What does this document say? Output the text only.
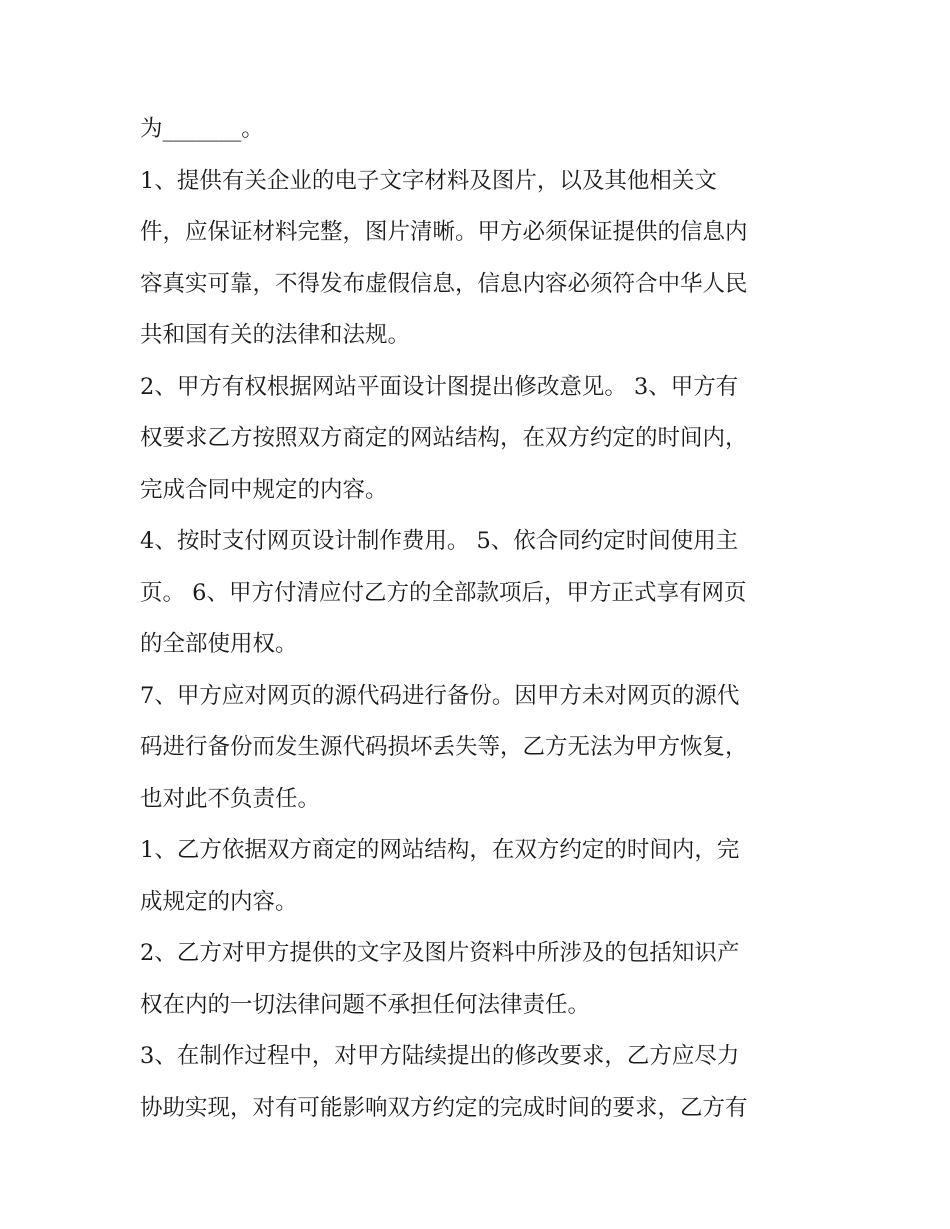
为_______。
1、提供有关企业的电子文字材料及图片，以及其他相关文
件，应保证材料完整，图片清晰。甲方必须保证提供的信息内
容真实可靠，不得发布虚假信息，信息内容必须符合中华人民
共和国有关的法律和法规。
2、甲方有权根据网站平面设计图提出修改意见。 3、甲方有
权要求乙方按照双方商定的网站结构，在双方约定的时间内，
完成合同中规定的内容。
4、按时支付网页设计制作费用。 5、依合同约定时间使用主
页。 6、甲方付清应付乙方的全部款项后，甲方正式享有网页
的全部使用权。
7、甲方应对网页的源代码进行备份。因甲方未对网页的源代
码进行备份而发生源代码损坏丢失等，乙方无法为甲方恢复，
也对此不负责任。
1、乙方依据双方商定的网站结构，在双方约定的时间内，完
成规定的内容。
2、乙方对甲方提供的文字及图片资料中所涉及的包括知识产
权在内的一切法律问题不承担任何法律责任。
3、在制作过程中，对甲方陆续提出的修改要求，乙方应尽力
协助实现，对有可能影响双方约定的完成时间的要求，乙方有
